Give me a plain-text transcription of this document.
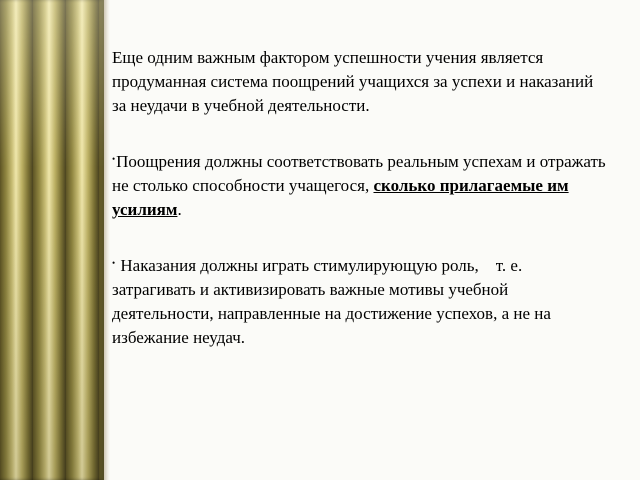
Еще одним важным фактором успешности учения является продуманная система поощрений учащихся за успехи и наказаний за неудачи в учебной деятельности.

•Поощрения должны соответствовать реальным успехам и отражать не столько способности учащегося, сколько прилагаемые им усилиям.

• Наказания должны играть стимулирующую роль,    т. е. затрагивать и активизировать важные мотивы учебной деятельности, направленные на достижение успехов, а не на избежание неудач.
